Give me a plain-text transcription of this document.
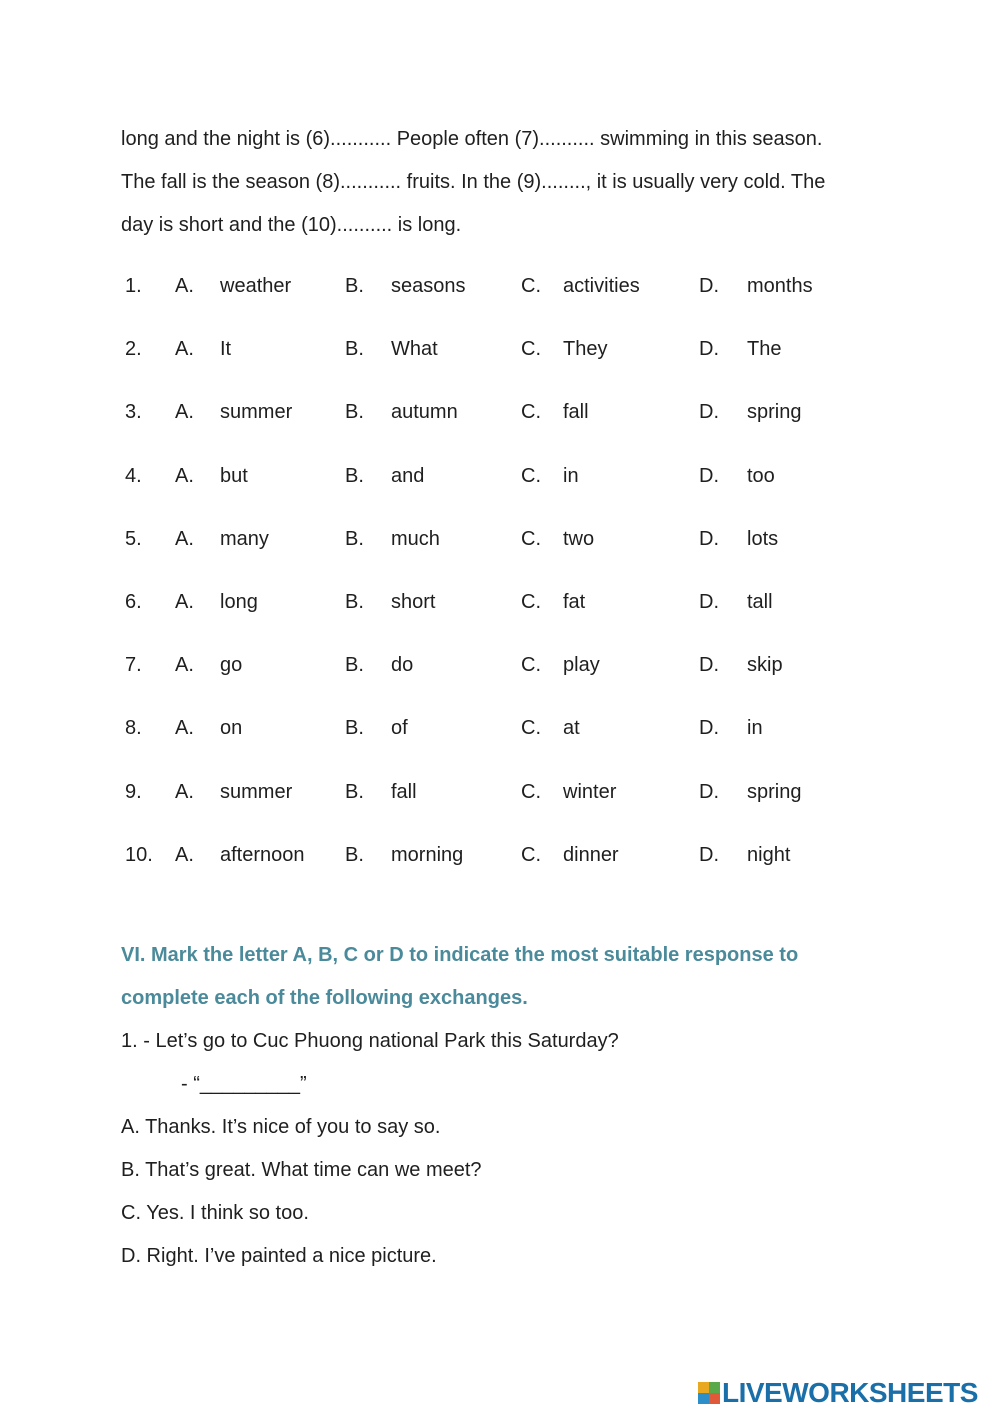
long and the night is (6)........... People often (7).......... swimming in this season.

The fall is the season (8)........... fruits. In the (9)........, it is usually very cold. The

day is short and the (10).......... is long.

1. A. weather	B. seasons	C. activities	D. months
2. A. It	B. What	C. They	D. The
3. A. summer	B. autumn	C. fall	D. spring
4. A. but	B. and	C. in	D. too
5. A. many	B. much	C. two	D. lots
6. A. long	B. short	C. fat	D. tall
7. A. go	B. do	C. play	D. skip
8. A. on	B. of	C. at	D. in
9. A. summer	B. fall	C. winter	D. spring
10. A. afternoon B. morning	C. dinner	D. night

VI. Mark the letter A, B, C or D to indicate the most suitable response to

complete each of the following exchanges.

1. - Let’s go to Cuc Phuong national Park this Saturday?

- “_________”

A. Thanks. It’s nice of you to say so.

B. That’s great. What time can we meet?

C. Yes. I think so too.

D. Right. I’ve painted a nice picture.

LIVEWORKSHEETS
